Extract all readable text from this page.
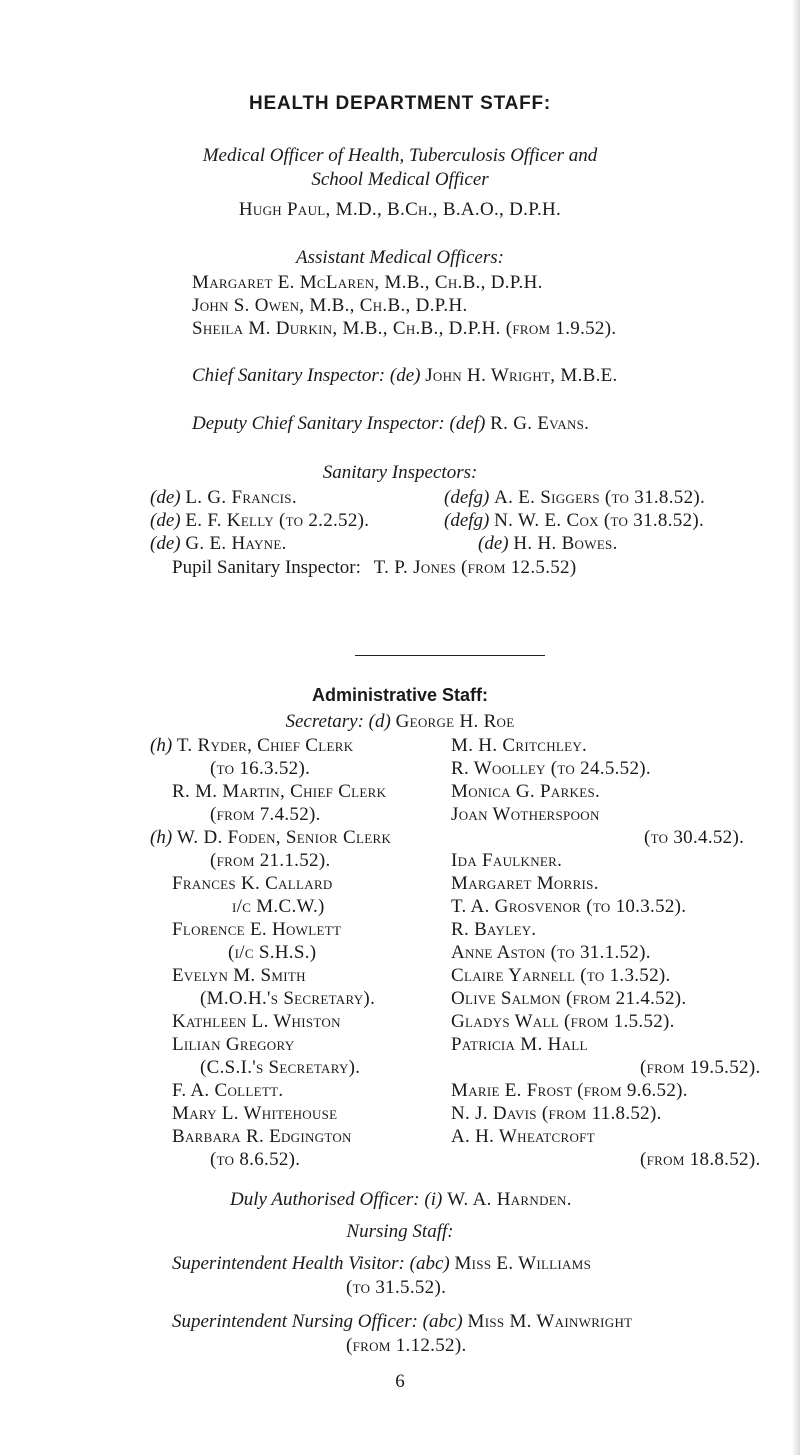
HEALTH DEPARTMENT STAFF:
Medical Officer of Health, Tuberculosis Officer and
School Medical Officer
Hugh Paul, M.D., B.Ch., B.A.O., D.P.H.
Assistant Medical Officers:
Margaret E. McLaren, M.B., Ch.B., D.P.H.
John S. Owen, M.B., Ch.B., D.P.H.
Sheila M. Durkin, M.B., Ch.B., D.P.H. (from 1.9.52).
Chief Sanitary Inspector: (de) John H. Wright, M.B.E.
Deputy Chief Sanitary Inspector: (def) R. G. Evans.
Sanitary Inspectors:
(de) L. G. Francis.
(de) E. F. Kelly (to 2.2.52).
(de) G. E. Hayne.
(defg) A. E. Siggers (to 31.8.52).
(defg) N. W. E. Cox (to 31.8.52).
(de) H. H. Bowes.
Pupil Sanitary Inspector: T. P. Jones (from 12.5.52)
Administrative Staff:
Secretary: (d) George H. Roe
(h) T. Ryder, Chief Clerk
(to 16.3.52).
R. M. Martin, Chief Clerk
(from 7.4.52).
(h) W. D. Foden, Senior Clerk
(from 21.1.52).
Frances K. Callard
i/c M.C.W.)
Florence E. Howlett
(i/c S.H.S.)
Evelyn M. Smith
(M.O.H.'s Secretary).
Kathleen L. Whiston
Lilian Gregory
(C.S.I.'s Secretary).
F. A. Collett.
Mary L. Whitehouse
Barbara R. Edgington
(to 8.6.52).
M. H. Critchley.
R. Woolley (to 24.5.52).
Monica G. Parkes.
Joan Wotherspoon
(to 30.4.52).
Ida Faulkner.
Margaret Morris.
T. A. Grosvenor (to 10.3.52).
R. Bayley.
Anne Aston (to 31.1.52).
Claire Yarnell (to 1.3.52).
Olive Salmon (from 21.4.52).
Gladys Wall (from 1.5.52).
Patricia M. Hall
(from 19.5.52).
Marie E. Frost (from 9.6.52).
N. J. Davis (from 11.8.52).
A. H. Wheatcroft
(from 18.8.52).
Duly Authorised Officer: (i) W. A. Harnden.
Nursing Staff:
Superintendent Health Visitor: (abc) Miss E. Williams
(to 31.5.52).
Superintendent Nursing Officer: (abc) Miss M. Wainwright
(from 1.12.52).
6
